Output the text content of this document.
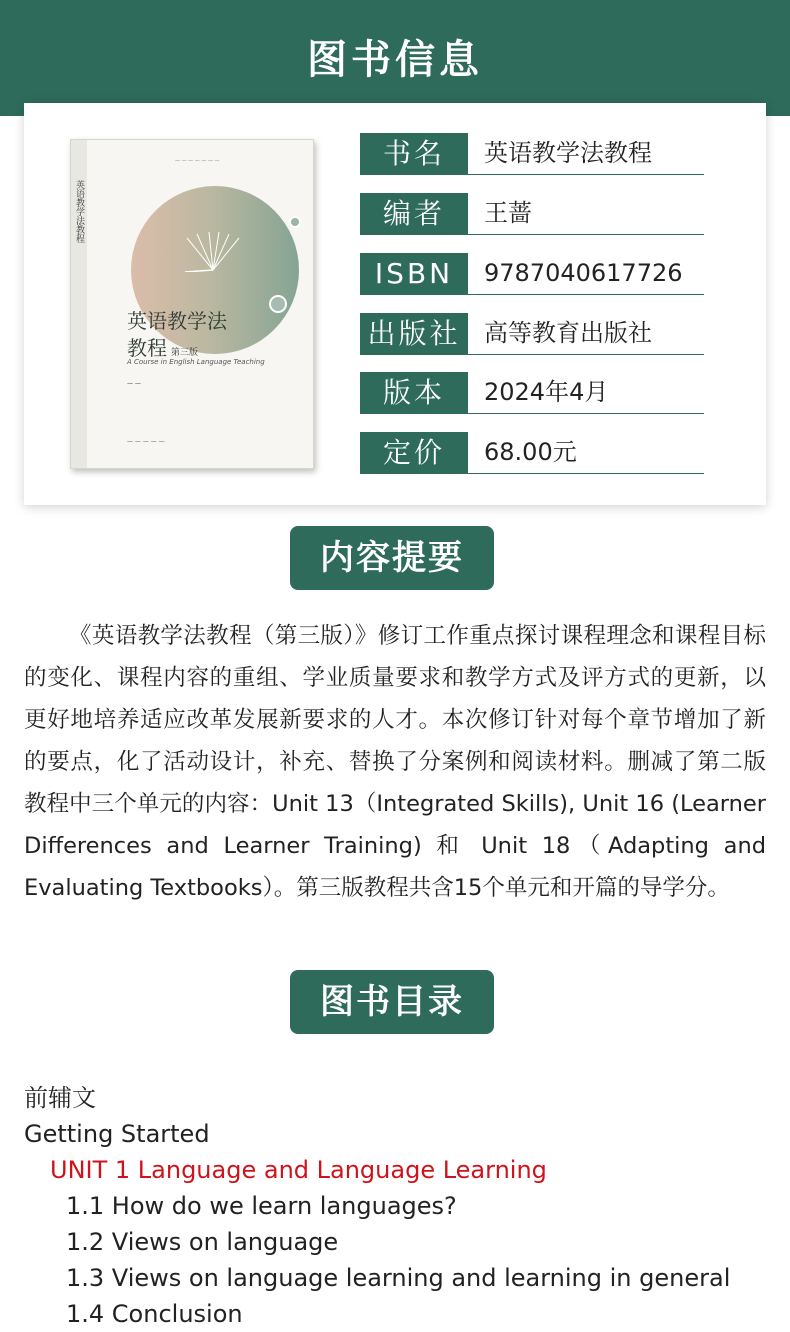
图书信息
英语教学法教程
— — — — — — —
英语教学法
教程 第三版
A Course in English Language Teaching
— —
— — — — —
书名	英语教学法教程
编者	王蔷
ISBN	9787040617726
出版社 高等教育出版社
版本	2024年4月
定价	68.00元
内容提要

《英语教学法教程（第三版）》修订工作重点探讨课程理念和课程目标的变化、课程内容的重组、学业质量要求和教学方式及评方式的更新，以更好地培养适应改革发展新要求的人才。本次修订针对每个章节增加了新的要点，化了活动设计，补充、替换了分案例和阅读材料。删减了第二版教程中三个单元的内容：Unit 13（Integrated Skills), Unit 16 (Learner Differences and Learner Training) 和 Unit 18（Adapting and Evaluating Textbooks）。第三版教程共含15个单元和开篇的导学分。

图书目录
前辅文
Getting Started
UNIT 1 Language and Language Learning
1.1 How do we learn languages?
1.2 Views on language
1.3 Views on language learning and learning in general
1.4 Conclusion
